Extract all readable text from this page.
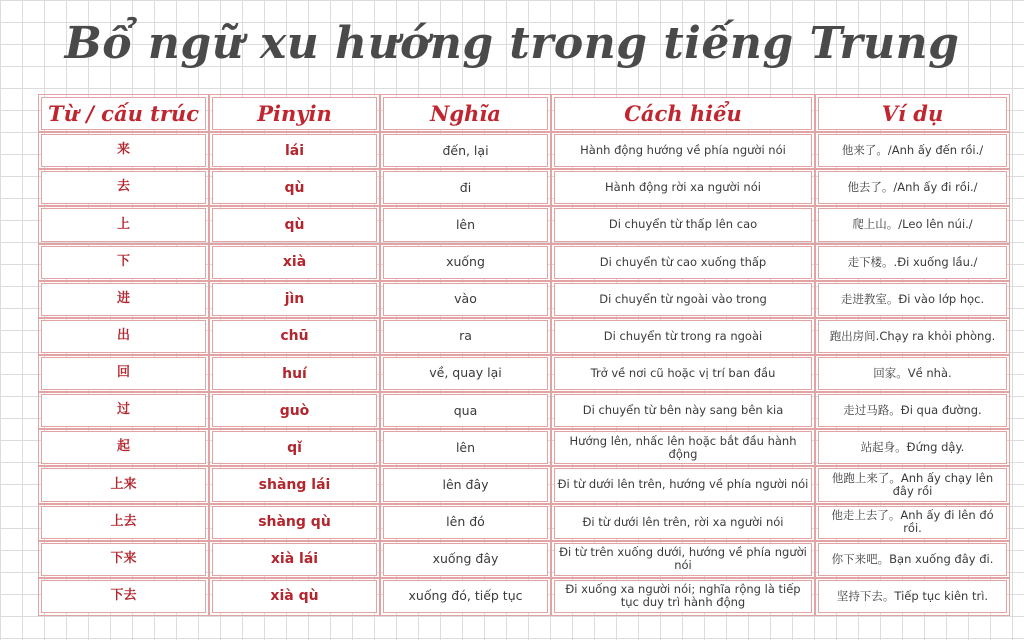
Bổ ngữ xu hướng trong tiếng Trung
Từ / cấu trúc	Pinyin	Nghĩa	Cách hiểu	Ví dụ
来	lái	đến, lại	Hành động hướng về phía người nói	他来了。/Anh ấy đến rồi./
去	qù	đi	Hành động rời xa người nói	他去了。/Anh ấy đi rồi./
上	qù	lên	Di chuyển từ thấp lên cao	爬上山。/Leo lên núi./
下	xià	xuống	Di chuyển từ cao xuống thấp	走下楼。.Đi xuống lầu./
进	jìn	vào	Di chuyển từ ngoài vào trong	走进教室。Đi vào lớp học.
出	chū	ra	Di chuyển từ trong ra ngoài	跑出房间.Chạy ra khỏi phòng.
回	huí	về, quay lại	Trở về nơi cũ hoặc vị trí ban đầu	回家。Về nhà.
过	guò	qua	Di chuyển từ bên này sang bên kia	走过马路。Đi qua đường.
起	qǐ	lên	Hướng lên, nhấc lên hoặc bắt đầu hành động	站起身。Đứng dậy.
上来	shàng lái	lên đây	Đi từ dưới lên trên, hướng về phía người nói	他跑上来了。Anh ấy chạy lên đây rồi
上去	shàng qù	lên đó	Đi từ dưới lên trên, rời xa người nói	他走上去了。Anh ấy đi lên đó rồi.
下来	xià lái	xuống đây	Đi từ trên xuống dưới, hướng về phía người nói	你下来吧。Bạn xuống đây đi.
下去	xià qù	xuống đó, tiếp tục	Đi xuống xa người nói; nghĩa rộng là tiếp tục duy trì hành động	坚持下去。Tiếp tục kiên trì.
